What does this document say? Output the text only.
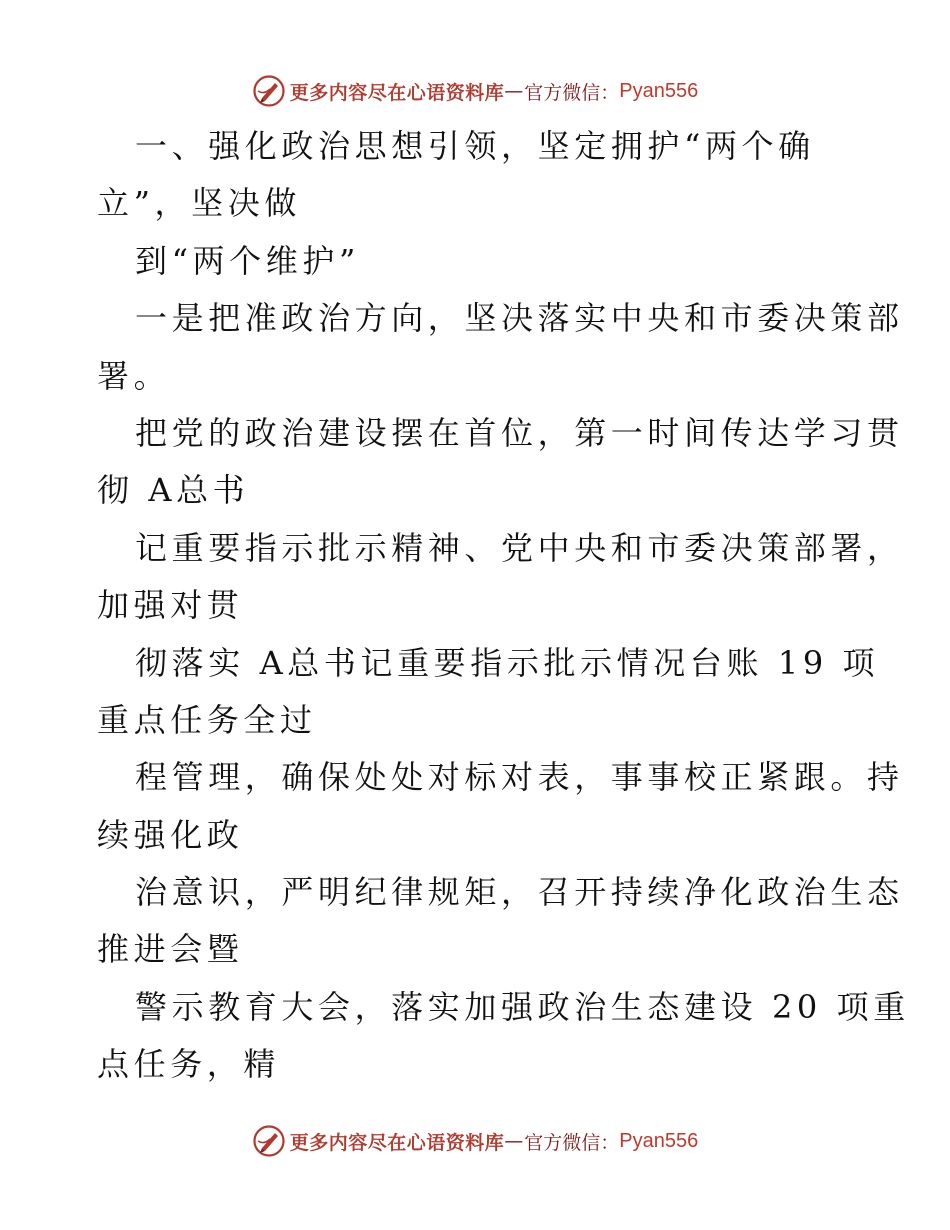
更多内容尽在心语资料库 — 官方微信： Pyan556
一、强化政治思想引领，坚定拥护“两个确
立”，坚决做
到“两个维护”
一是把准政治方向，坚决落实中央和市委决策部
署。
把党的政治建设摆在首位，第一时间传达学习贯
彻 A总书
记重要指示批示精神、党中央和市委决策部署，
加强对贯
彻落实 A总书记重要指示批示情况台账 19 项
重点任务全过
程管理，确保处处对标对表，事事校正紧跟。持
续强化政
治意识，严明纪律规矩，召开持续净化政治生态
推进会暨
警示教育大会，落实加强政治生态建设 20 项重
点任务，精
更多内容尽在心语资料库 — 官方微信： Pyan556
